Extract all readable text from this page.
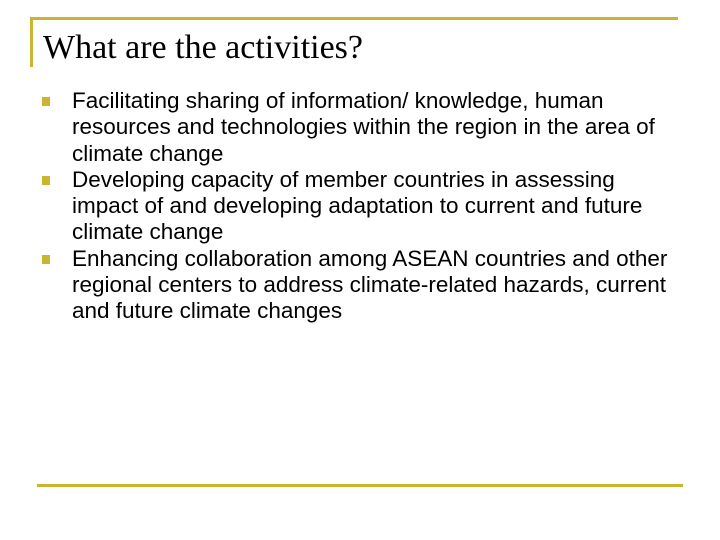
What are the activities?
Facilitating sharing of information/ knowledge, human resources and technologies within the region in the area of climate change
Developing capacity of member countries in assessing impact of and developing adaptation to current and future climate change
Enhancing collaboration among ASEAN countries and other regional centers to address climate-related hazards, current and future climate changes
